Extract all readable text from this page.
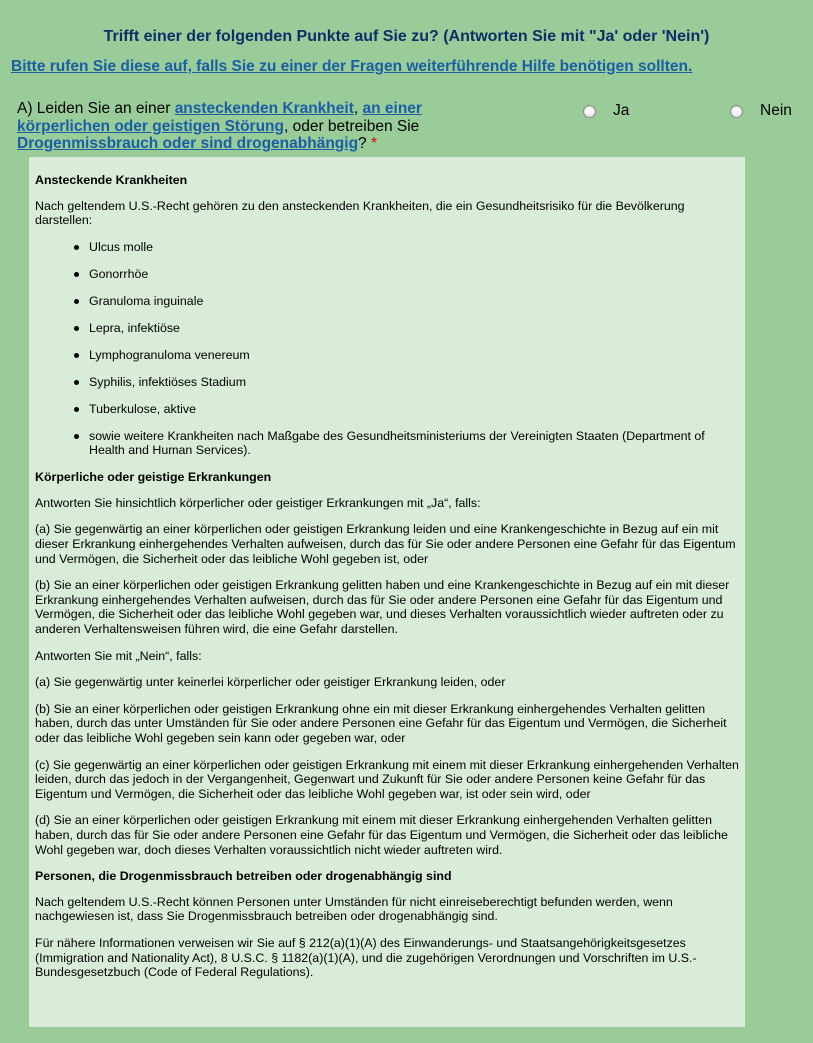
Trifft einer der folgenden Punkte auf Sie zu? (Antworten Sie mit "Ja' oder 'Nein')
Bitte rufen Sie diese auf, falls Sie zu einer der Fragen weiterführende Hilfe benötigen sollten.
A) Leiden Sie an einer ansteckenden Krankheit, an einer körperlichen oder geistigen Störung, oder betreiben Sie Drogenmissbrauch oder sind drogenabhängig? *
Ja	Nein
Ansteckende Krankheiten

Nach geltendem U.S.-Recht gehören zu den ansteckenden Krankheiten, die ein Gesundheitsrisiko für die Bevölkerung darstellen:

Ulcus molle
Gonorrhöe
Granuloma inguinale
Lepra, infektiöse
Lymphogranuloma venereum
Syphilis, infektiöses Stadium
Tuberkulose, aktive
sowie weitere Krankheiten nach Maßgabe des Gesundheitsministeriums der Vereinigten Staaten (Department of Health and Human Services).
Körperliche oder geistige Erkrankungen

Antworten Sie hinsichtlich körperlicher oder geistiger Erkrankungen mit „Ja“, falls:

(a) Sie gegenwärtig an einer körperlichen oder geistigen Erkrankung leiden und eine Krankengeschichte in Bezug auf ein mit dieser Erkrankung einhergehendes Verhalten aufweisen, durch das für Sie oder andere Personen eine Gefahr für das Eigentum und Vermögen, die Sicherheit oder das leibliche Wohl gegeben ist, oder

(b) Sie an einer körperlichen oder geistigen Erkrankung gelitten haben und eine Krankengeschichte in Bezug auf ein mit dieser Erkrankung einhergehendes Verhalten aufweisen, durch das für Sie oder andere Personen eine Gefahr für das Eigentum und Vermögen, die Sicherheit oder das leibliche Wohl gegeben war, und dieses Verhalten voraussichtlich wieder auftreten oder zu anderen Verhaltensweisen führen wird, die eine Gefahr darstellen.

Antworten Sie mit „Nein“, falls:

(a) Sie gegenwärtig unter keinerlei körperlicher oder geistiger Erkrankung leiden, oder

(b) Sie an einer körperlichen oder geistigen Erkrankung ohne ein mit dieser Erkrankung einhergehendes Verhalten gelitten haben, durch das unter Umständen für Sie oder andere Personen eine Gefahr für das Eigentum und Vermögen, die Sicherheit oder das leibliche Wohl gegeben sein kann oder gegeben war, oder

(c) Sie gegenwärtig an einer körperlichen oder geistigen Erkrankung mit einem mit dieser Erkrankung einhergehenden Verhalten leiden, durch das jedoch in der Vergangenheit, Gegenwart und Zukunft für Sie oder andere Personen keine Gefahr für das Eigentum und Vermögen, die Sicherheit oder das leibliche Wohl gegeben war, ist oder sein wird, oder

(d) Sie an einer körperlichen oder geistigen Erkrankung mit einem mit dieser Erkrankung einhergehenden Verhalten gelitten haben, durch das für Sie oder andere Personen eine Gefahr für das Eigentum und Vermögen, die Sicherheit oder das leibliche Wohl gegeben war, doch dieses Verhalten voraussichtlich nicht wieder auftreten wird.

Personen, die Drogenmissbrauch betreiben oder drogenabhängig sind

Nach geltendem U.S.-Recht können Personen unter Umständen für nicht einreiseberechtigt befunden werden, wenn nachgewiesen ist, dass Sie Drogenmissbrauch betreiben oder drogenabhängig sind.

Für nähere Informationen verweisen wir Sie auf § 212(a)(1)(A) des Einwanderungs- und Staatsangehörigkeitsgesetzes (Immigration and Nationality Act), 8 U.S.C. § 1182(a)(1)(A), und die zugehörigen Verordnungen und Vorschriften im U.S.-Bundesgesetzbuch (Code of Federal Regulations).
